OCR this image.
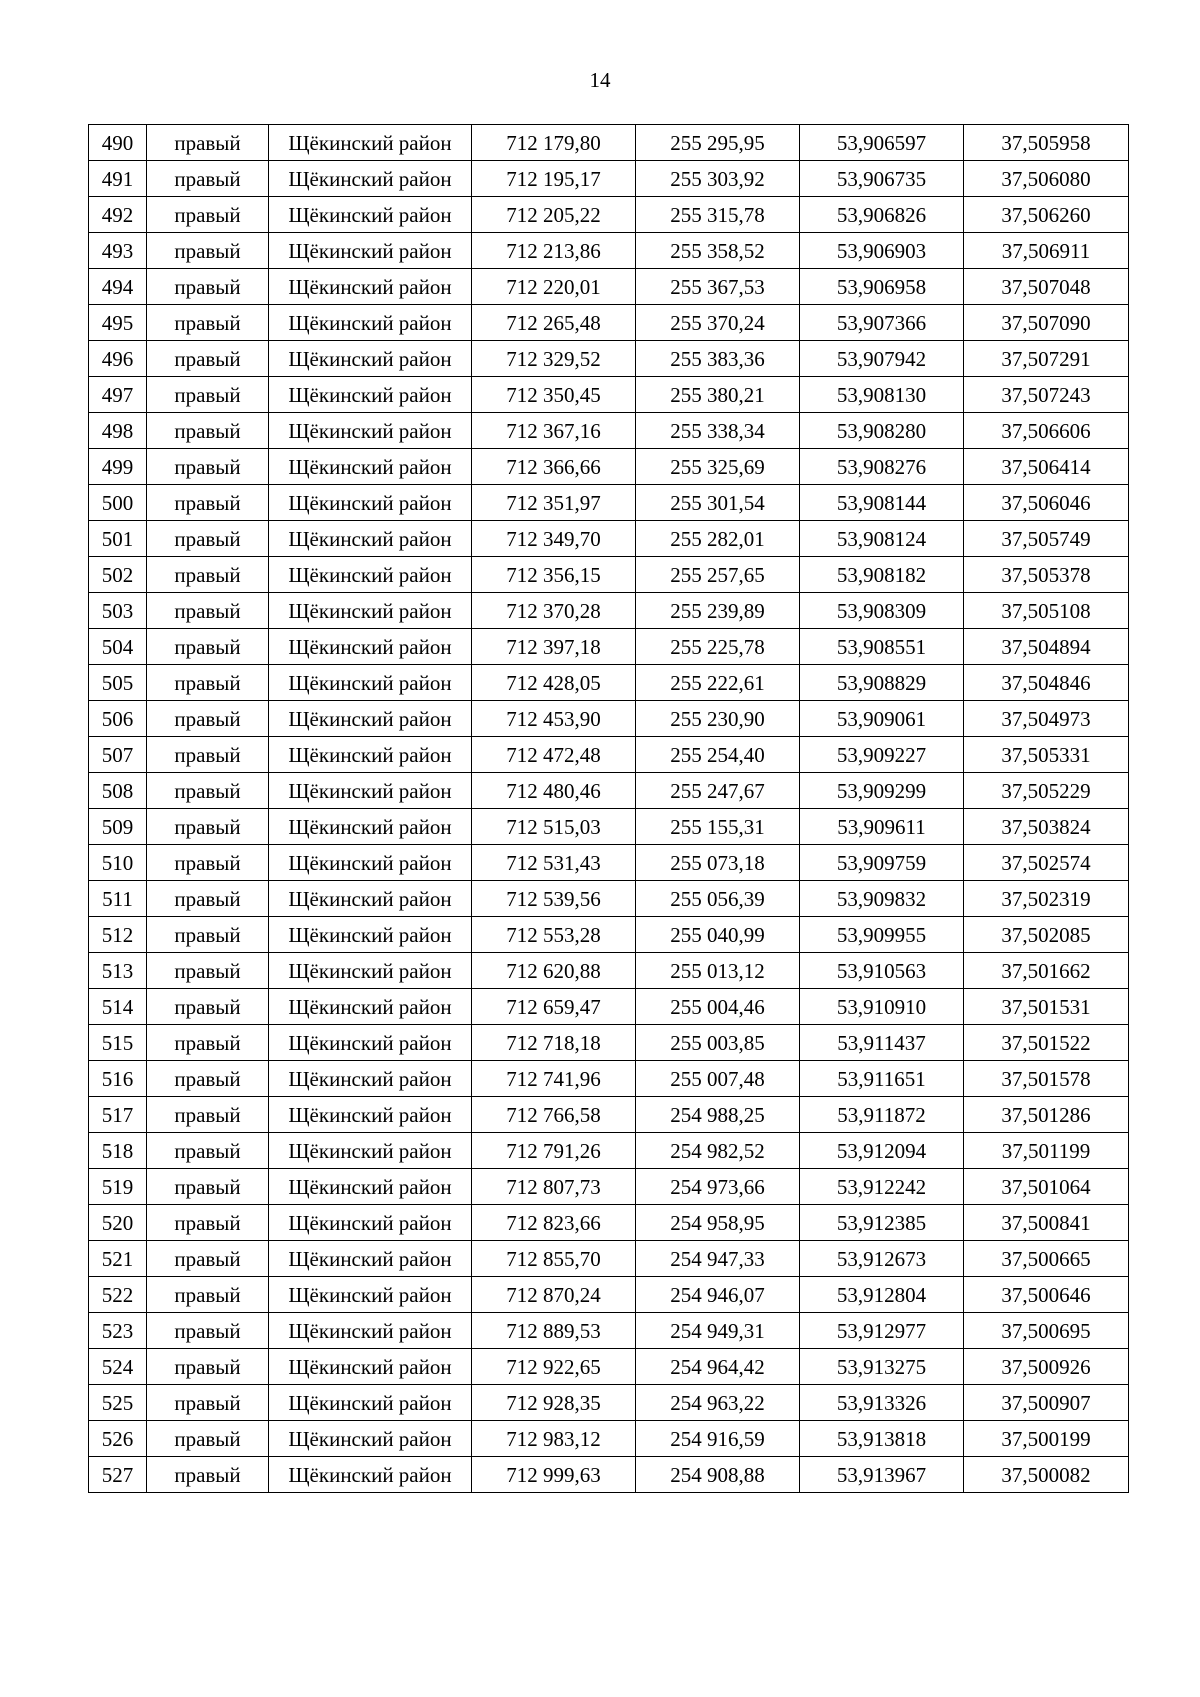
14
490	правый	Щёкинский район	712 179,80	255 295,95	53,906597	37,505958
491	правый	Щёкинский район	712 195,17	255 303,92	53,906735	37,506080
492	правый	Щёкинский район	712 205,22	255 315,78	53,906826	37,506260
493	правый	Щёкинский район	712 213,86	255 358,52	53,906903	37,506911
494	правый	Щёкинский район	712 220,01	255 367,53	53,906958	37,507048
495	правый	Щёкинский район	712 265,48	255 370,24	53,907366	37,507090
496	правый	Щёкинский район	712 329,52	255 383,36	53,907942	37,507291
497	правый	Щёкинский район	712 350,45	255 380,21	53,908130	37,507243
498	правый	Щёкинский район	712 367,16	255 338,34	53,908280	37,506606
499	правый	Щёкинский район	712 366,66	255 325,69	53,908276	37,506414
500	правый	Щёкинский район	712 351,97	255 301,54	53,908144	37,506046
501	правый	Щёкинский район	712 349,70	255 282,01	53,908124	37,505749
502	правый	Щёкинский район	712 356,15	255 257,65	53,908182	37,505378
503	правый	Щёкинский район	712 370,28	255 239,89	53,908309	37,505108
504	правый	Щёкинский район	712 397,18	255 225,78	53,908551	37,504894
505	правый	Щёкинский район	712 428,05	255 222,61	53,908829	37,504846
506	правый	Щёкинский район	712 453,90	255 230,90	53,909061	37,504973
507	правый	Щёкинский район	712 472,48	255 254,40	53,909227	37,505331
508	правый	Щёкинский район	712 480,46	255 247,67	53,909299	37,505229
509	правый	Щёкинский район	712 515,03	255 155,31	53,909611	37,503824
510	правый	Щёкинский район	712 531,43	255 073,18	53,909759	37,502574
511	правый	Щёкинский район	712 539,56	255 056,39	53,909832	37,502319
512	правый	Щёкинский район	712 553,28	255 040,99	53,909955	37,502085
513	правый	Щёкинский район	712 620,88	255 013,12	53,910563	37,501662
514	правый	Щёкинский район	712 659,47	255 004,46	53,910910	37,501531
515	правый	Щёкинский район	712 718,18	255 003,85	53,911437	37,501522
516	правый	Щёкинский район	712 741,96	255 007,48	53,911651	37,501578
517	правый	Щёкинский район	712 766,58	254 988,25	53,911872	37,501286
518	правый	Щёкинский район	712 791,26	254 982,52	53,912094	37,501199
519	правый	Щёкинский район	712 807,73	254 973,66	53,912242	37,501064
520	правый	Щёкинский район	712 823,66	254 958,95	53,912385	37,500841
521	правый	Щёкинский район	712 855,70	254 947,33	53,912673	37,500665
522	правый	Щёкинский район	712 870,24	254 946,07	53,912804	37,500646
523	правый	Щёкинский район	712 889,53	254 949,31	53,912977	37,500695
524	правый	Щёкинский район	712 922,65	254 964,42	53,913275	37,500926
525	правый	Щёкинский район	712 928,35	254 963,22	53,913326	37,500907
526	правый	Щёкинский район	712 983,12	254 916,59	53,913818	37,500199
527	правый	Щёкинский район	712 999,63	254 908,88	53,913967	37,500082
